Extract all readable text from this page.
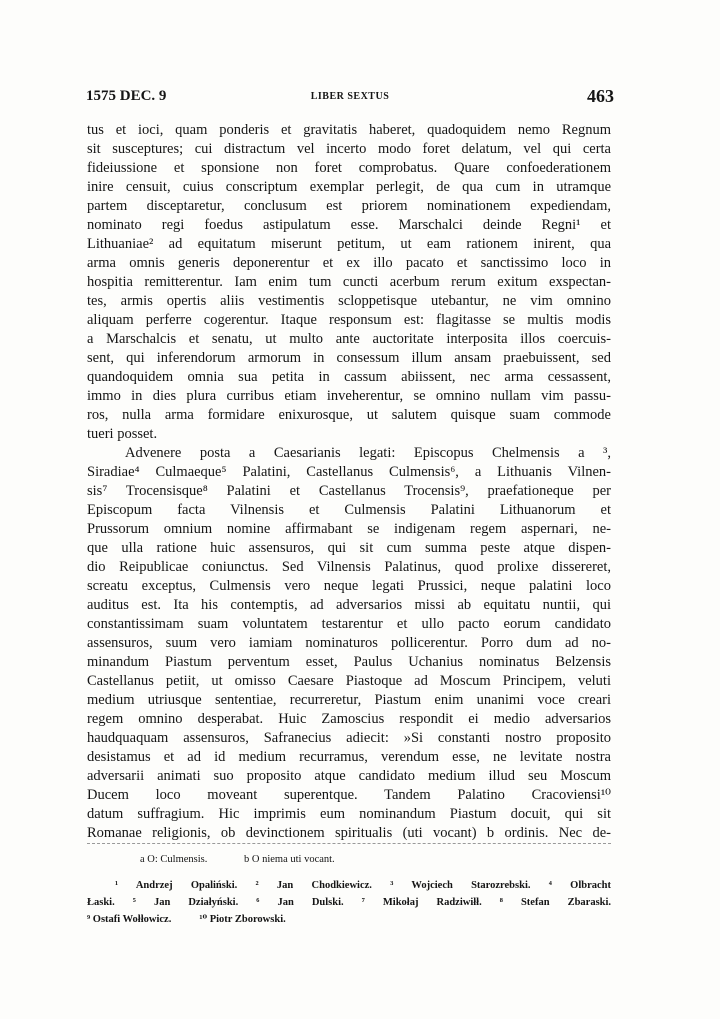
1575 DEC. 9	LIBER SEXTUS	463
tus et ioci, quam ponderis et gravitatis haberet, quadoquidem nemo Regnum
sit susceptures; cui distractum vel incerto modo foret delatum, vel qui certa
fideiussione et sponsione non foret comprobatus. Quare confoederationem
inire censuit, cuius conscriptum exemplar perlegit, de qua cum in utramque
partem disceptaretur, conclusum est priorem nominationem expediendam,
nominato regi foedus astipulatum esse. Marschalci deinde Regni¹ et
Lithuaniae² ad equitatum miserunt petitum, ut eam rationem inirent, qua
arma omnis generis deponerentur et ex illo pacato et sanctissimo loco in
hospitia remitterentur. Iam enim tum cuncti acerbum rerum exitum exspectan-
tes, armis opertis aliis vestimentis scloppetisque utebantur, ne vim omnino
aliquam perferre cogerentur. Itaque responsum est: flagitasse se multis modis
a Marschalcis et senatu, ut multo ante auctoritate interposita illos coercuis-
sent, qui inferendorum armorum in consessum illum ansam praebuissent, sed
quandoquidem omnia sua petita in cassum abiissent, nec arma cessassent,
immo in dies plura curribus etiam inveherentur, se omnino nullam vim passu-
ros, nulla arma formidare enixurosque, ut salutem quisque suam commode
tueri posset.
Advenere posta a Caesarianis legati: Episcopus Chelmensis a ³,
Siradiae⁴ Culmaeque⁵ Palatini, Castellanus Culmensis⁶, a Lithuanis Vilnen-
sis⁷ Trocensisque⁸ Palatini et Castellanus Trocensis⁹, praefationeque per
Episcopum facta Vilnensis et Culmensis Palatini Lithuanorum et
Prussorum omnium nomine affirmabant se indigenam regem aspernari, ne-
que ulla ratione huic assensuros, qui sit cum summa peste atque dispen-
dio Reipublicae coniunctus. Sed Vilnensis Palatinus, quod prolixe dissereret,
screatu exceptus, Culmensis vero neque legati Prussici, neque palatini loco
auditus est. Ita his contemptis, ad adversarios missi ab equitatu nuntii, qui
constantissimam suam voluntatem testarentur et ullo pacto eorum candidato
assensuros, suum vero iamiam nominaturos pollicerentur. Porro dum ad no-
minandum Piastum perventum esset, Paulus Uchanius nominatus Belzensis
Castellanus petiit, ut omisso Caesare Piastoque ad Moscum Principem, veluti
medium utriusque sententiae, recurreretur, Piastum enim unanimi voce creari
regem omnino desperabat. Huic Zamoscius respondit ei medio adversarios
haudquaquam assensuros, Safranecius adiecit: »Si constanti nostro proposito
desistamus et ad id medium recurramus, verendum esse, ne levitate nostra
adversarii animati suo proposito atque candidato medium illud seu Moscum
Ducem loco moveant superentque. Tandem Palatino Cracoviensi¹⁰
datum suffragium. Hic imprimis eum nominandum Piastum docuit, qui sit
Romanae religionis, ob devinctionem spiritualis (uti vocant) b ordinis. Nec de-
a O: Culmensis.	b O niema uti vocant.
¹ Andrzej Opaliński. ² Jan Chodkiewicz. ³ Wojciech Starozrebski. ⁴ Olbracht
Łaski. ⁵ Jan Działyński. ⁶ Jan Dulski. ⁷ Mikołaj Radziwiłł. ⁸ Stefan Zbaraski.
⁹ Ostafi Wołłowicz.	¹⁰ Piotr Zborowski.
